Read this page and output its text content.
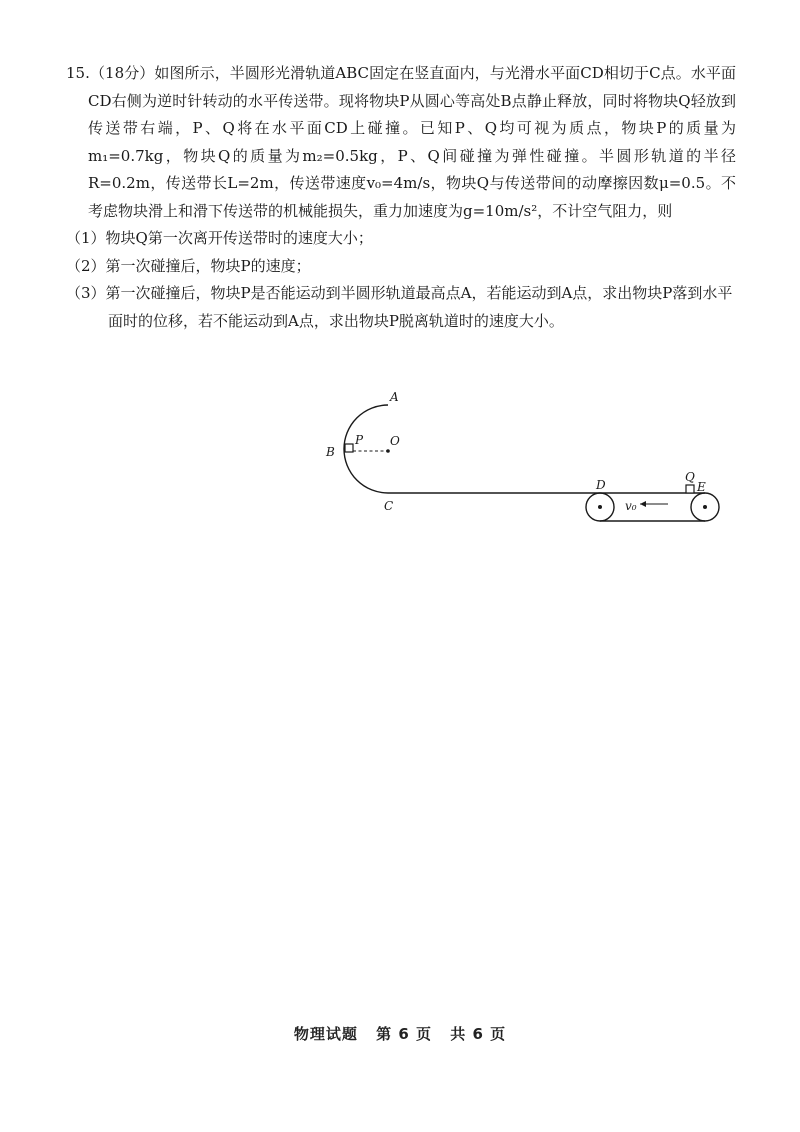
15.（18分）如图所示，半圆形光滑轨道ABC固定在竖直面内，与光滑水平面CD相切于C点。水平面CD右侧为逆时针转动的水平传送带。现将物块P从圆心等高处B点静止释放，同时将物块Q轻放到传送带右端，P、Q将在水平面CD上碰撞。已知P、Q均可视为质点，物块P的质量为m₁=0.7kg，物块Q的质量为m₂=0.5kg，P、Q间碰撞为弹性碰撞。半圆形轨道的半径R=0.2m，传送带长L=2m，传送带速度v₀=4m/s，物块Q与传送带间的动摩擦因数μ=0.5。不考虑物块滑上和滑下传送带的机械能损失，重力加速度为g=10m/s²，不计空气阻力，则

（1）物块Q第一次离开传送带时的速度大小；
（2）第一次碰撞后，物块P的速度；
（3）第一次碰撞后，物块P是否能运动到半圆形轨道最高点A，若能运动到A点，求出物块P落到水平面时的位移，若不能运动到A点，求出物块P脱离轨道时的速度大小。
A
B
C
D	E
P O
Q
v₀
物理试题 第 6 页 共 6 页
